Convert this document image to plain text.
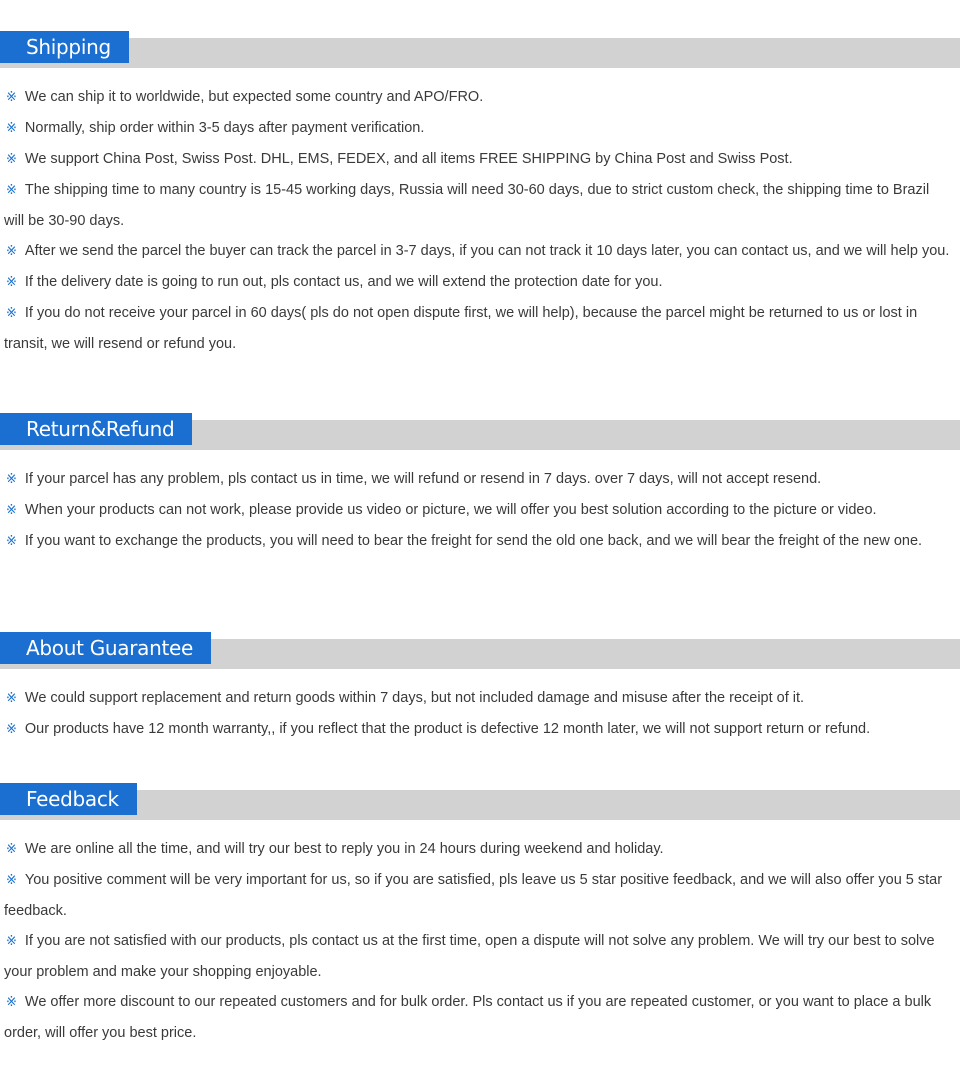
Shipping
※ We can ship it to worldwide, but expected some country and APO/FRO.
※ Normally, ship order within 3-5 days after payment verification.
※ We support China Post, Swiss Post. DHL, EMS, FEDEX, and all items FREE SHIPPING by China Post and Swiss Post.
※ The shipping time to many country is 15-45 working days, Russia will need 30-60 days, due to strict custom check, the shipping time to Brazil will be 30-90 days.
※ After we send the parcel the buyer can track the parcel in 3-7 days, if you can not track it 10 days later, you can contact us, and we will help you.
※ If the delivery date is going to run out, pls contact us, and we will extend the protection date for you.
※ If you do not receive your parcel in 60 days( pls do not open dispute first, we will help), because the parcel might be returned to us or lost in transit, we will resend or refund you.
Return&Refund
※ If your parcel has any problem, pls contact us in time, we will refund or resend in 7 days. over 7 days, will not accept resend.
※ When your products can not work, please provide us video or picture, we will offer you best solution according to the picture or video.
※ If you want to exchange the products, you will need to bear the freight for send the old one back, and we will bear the freight of the new one.
About Guarantee
※ We could support replacement and return goods within 7 days, but not included damage and misuse after the receipt of it.
※ Our products have 12 month warranty,, if you reflect that the product is defective 12 month later, we will not support return or refund.
Feedback
※ We are online all the time, and will try our best to reply you in 24 hours during weekend and holiday.
※ You positive comment will be very important for us, so if you are satisfied, pls leave us 5 star positive feedback, and we will also offer you 5 star feedback.
※ If you are not satisfied with our products, pls contact us at the first time, open a dispute will not solve any problem. We will try our best to solve your problem and make your shopping enjoyable.
※ We offer more discount to our repeated customers and for bulk order. Pls contact us if you are repeated customer, or you want to place a bulk order, will offer you best price.
